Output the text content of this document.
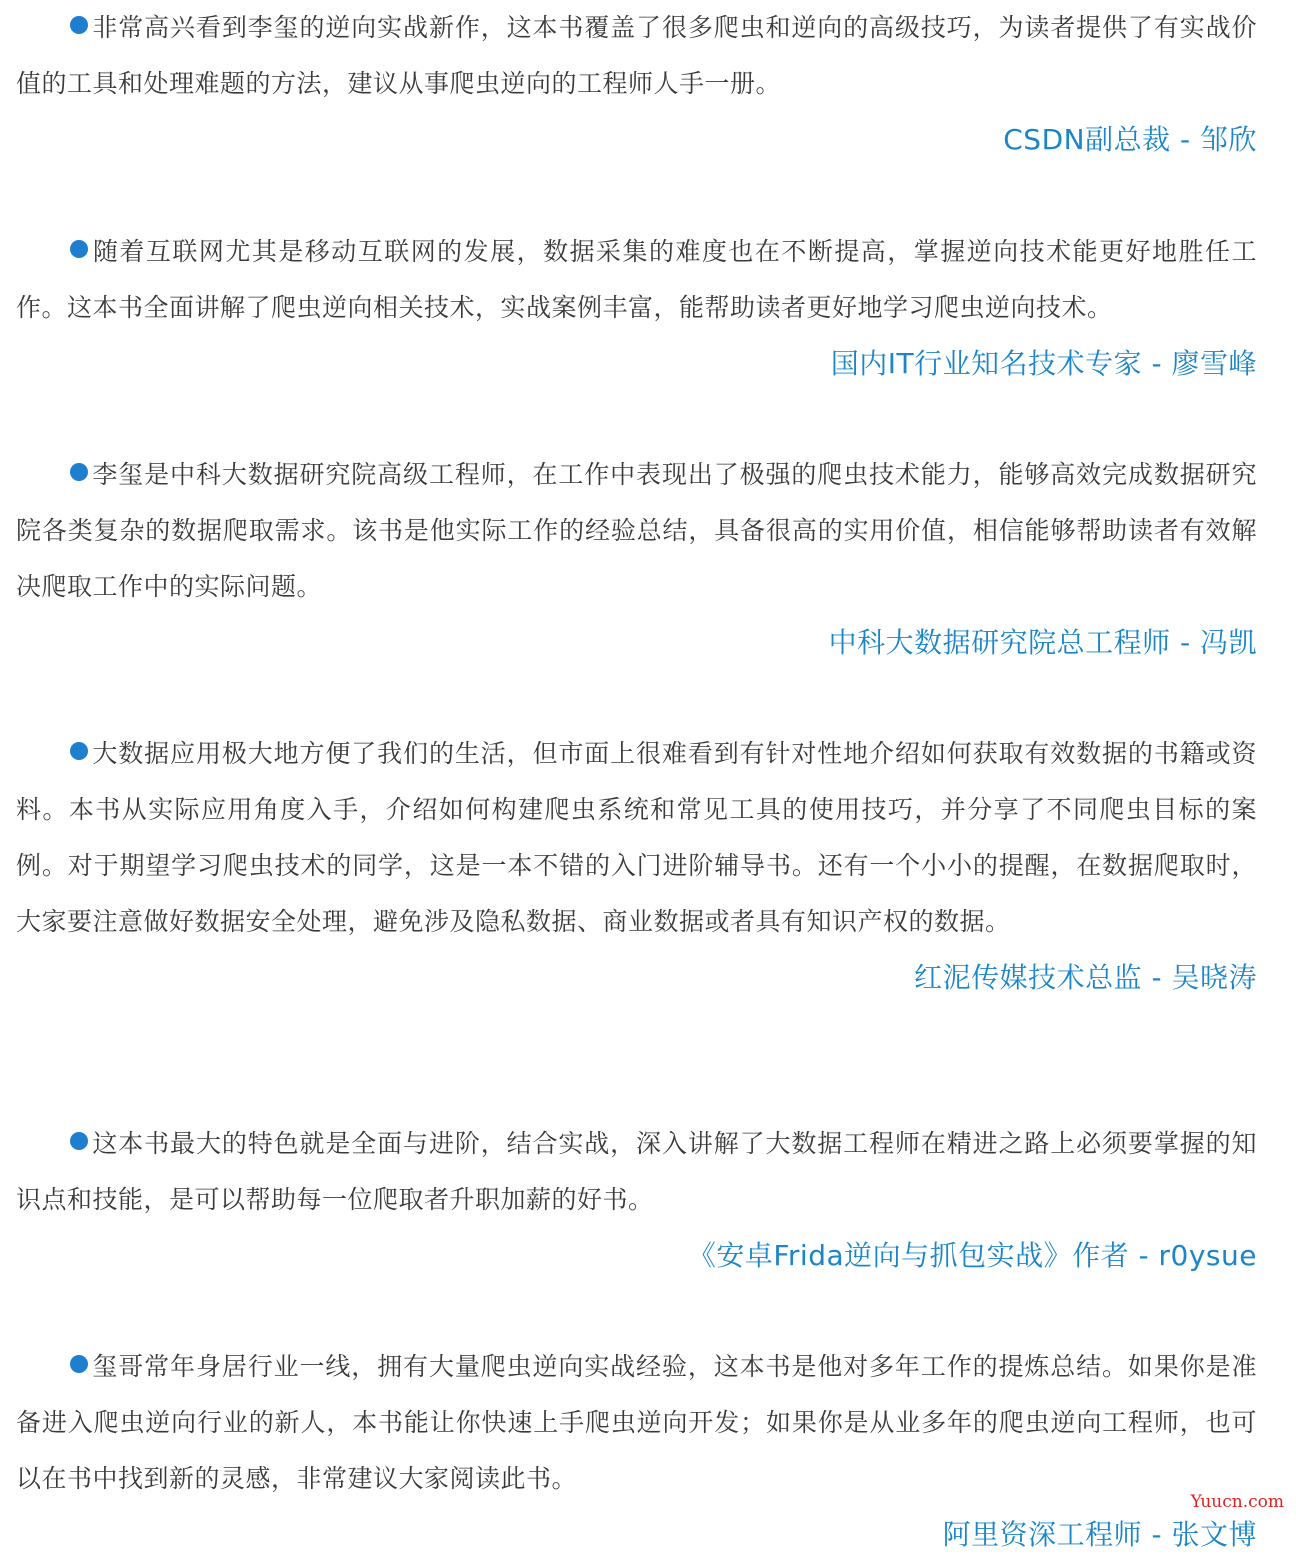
非常高兴看到李玺的逆向实战新作，这本书覆盖了很多爬虫和逆向的高级技巧，为读者提供了有实战价值的工具和处理难题的方法，建议从事爬虫逆向的工程师人手一册。

CSDN副总裁 - 邹欣

随着互联网尤其是移动互联网的发展，数据采集的难度也在不断提高，掌握逆向技术能更好地胜任工作。这本书全面讲解了爬虫逆向相关技术，实战案例丰富，能帮助读者更好地学习爬虫逆向技术。

国内IT行业知名技术专家 - 廖雪峰

李玺是中科大数据研究院高级工程师，在工作中表现出了极强的爬虫技术能力，能够高效完成数据研究院各类复杂的数据爬取需求。该书是他实际工作的经验总结，具备很高的实用价值，相信能够帮助读者有效解决爬取工作中的实际问题。

中科大数据研究院总工程师 - 冯凯

大数据应用极大地方便了我们的生活，但市面上很难看到有针对性地介绍如何获取有效数据的书籍或资料。本书从实际应用角度入手，介绍如何构建爬虫系统和常见工具的使用技巧，并分享了不同爬虫目标的案例。对于期望学习爬虫技术的同学，这是一本不错的入门进阶辅导书。还有一个小小的提醒，在数据爬取时，大家要注意做好数据安全处理，避免涉及隐私数据、商业数据或者具有知识产权的数据。

红泥传媒技术总监 - 吴晓涛

这本书最大的特色就是全面与进阶，结合实战，深入讲解了大数据工程师在精进之路上必须要掌握的知识点和技能，是可以帮助每一位爬取者升职加薪的好书。

《安卓Frida逆向与抓包实战》作者 - r0ysue

玺哥常年身居行业一线，拥有大量爬虫逆向实战经验，这本书是他对多年工作的提炼总结。如果你是准备进入爬虫逆向行业的新人，本书能让你快速上手爬虫逆向开发；如果你是从业多年的爬虫逆向工程师，也可以在书中找到新的灵感，非常建议大家阅读此书。

阿里资深工程师 - 张文博
Yuucn.com
